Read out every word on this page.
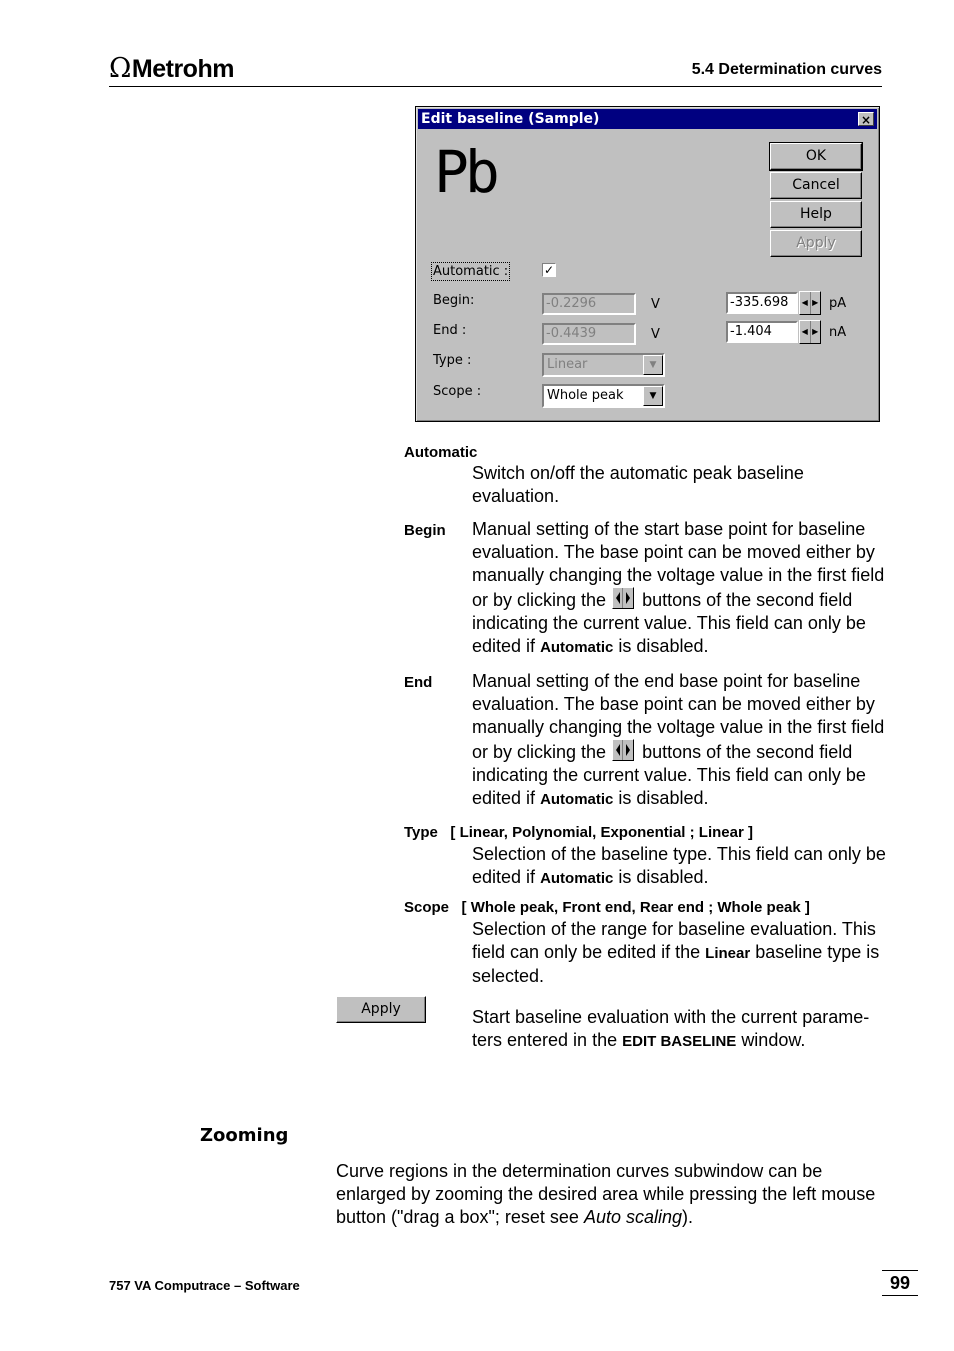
ΩMetrohm	5.4 Determination curves
Edit baseline (Sample)	×
Pb	OK
Cancel
Help
Apply
Automatic :	✓
Begin:	-0.2296	V	-335.698	◀ ▶ pA
End :	-0.4439	V	-1.404	◀ ▶ nA
Type :	Linear	▼
Scope :	Whole peak	▼
Automatic
Switch on/off the automatic peak baseline evaluation.
Begin Manual setting of the start base point for baseline evaluation. The base point can be moved either by manually changing the voltage value in the first field or by clicking the buttons of the second field indicating the current value. This field can only be edited if Automatic is disabled.
End Manual setting of the end base point for baseline evaluation. The base point can be moved either by manually changing the voltage value in the first field or by clicking the buttons of the second field indicating the current value. This field can only be edited if Automatic is disabled.
Type [ Linear, Polynomial, Exponential ; Linear ]
Selection of the baseline type. This field can only be edited if Automatic is disabled.
Scope [ Whole peak, Front end, Rear end ; Whole peak ]
Selection of the range for baseline evaluation. This field can only be edited if the Linear baseline type is selected.
Apply	Start baseline evaluation with the current parame-ters entered in the EDIT BASELINE window.
Zooming
Curve regions in the determination curves subwindow can be enlarged by zooming the desired area while pressing the left mouse button ("drag a box"; reset see Auto scaling).
757 VA Computrace – Software	99
